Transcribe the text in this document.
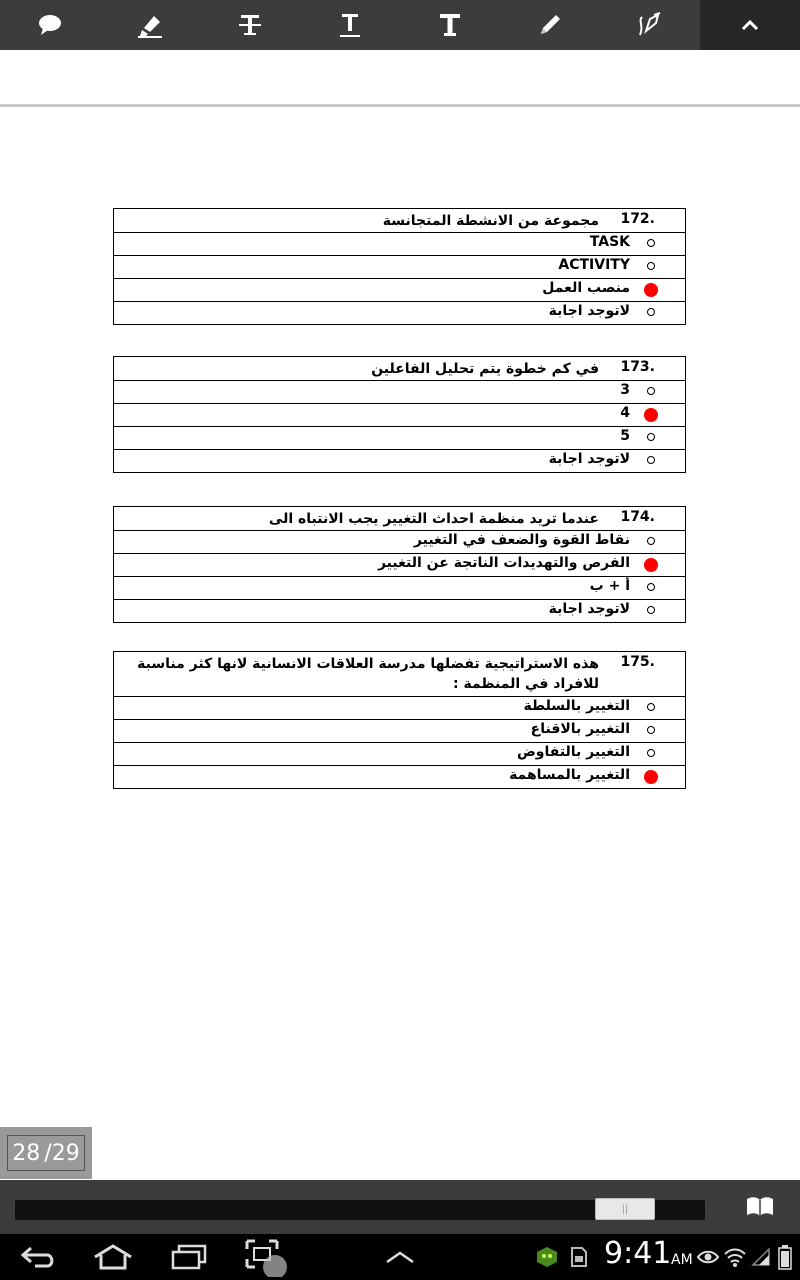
172.
مجموعة من الانشطة المتجانسة
TASK
ACTIVITY
منصب العمل
لاتوجد اجابة
173.
في كم خطوة يتم تحليل الفاعلين
3
4
5
لاتوجد اجابة
174.
عندما تريد منظمة احداث التغيير يجب الانتباه الى
نقاط القوة والضعف في التغيير
الفرص والتهديدات الناتجة عن التغيير
أ + ب
لاتوجد اجابة
175.
هذه الاستراتيجية تفضلها مدرسة العلاقات الانسانية لانها كثر مناسبة للافراد في المنظمة :
التغيير بالسلطة
التغيير بالاقناع
التغيير بالتفاوض
التغيير بالمساهمة
28 /29
||
9:41 AM
